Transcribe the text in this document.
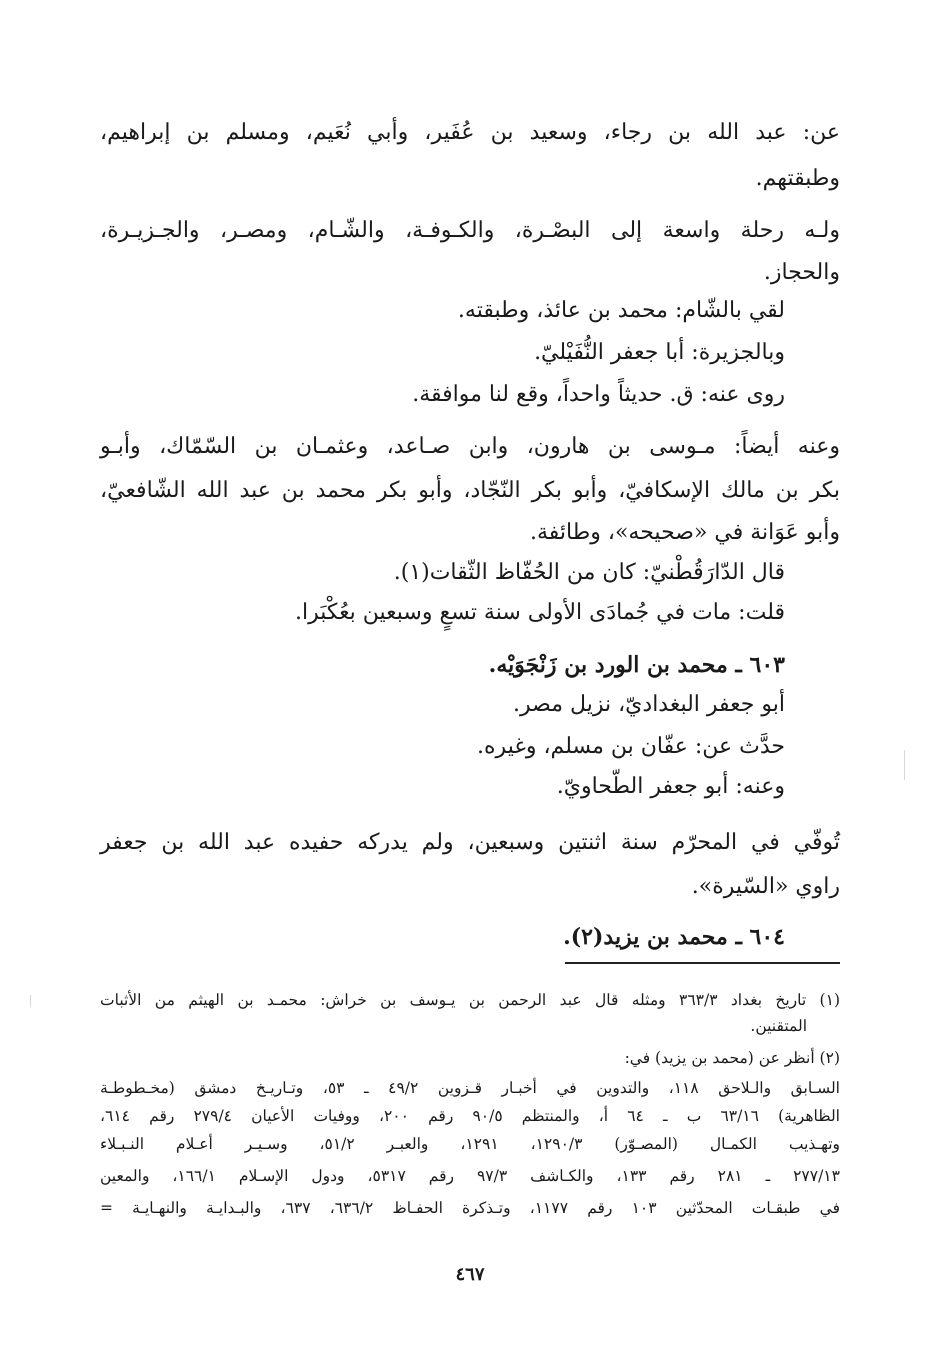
عن: عبد الله بن رجاء، وسعيد بن عُفَير، وأبي نُعَيم، ومسلم بن إبراهيم،
وطبقتهم.
ولـه رحلة واسعة إلى البصْـرة، والكـوفـة، والشّـام، ومصـر، والجـزيـرة،
والحجاز.
لقي بالشّام: محمد بن عائذ، وطبقته.
وبالجزيرة: أبا جعفر النُّفَيْليّ.
روى عنه: ق. حديثاً واحداً، وقع لنا موافقة.
وعنه أيضاً: مـوسى بن هارون، وابن صـاعد، وعثمـان بن السّمّاك، وأبـو
بكر بن مالك الإسكافيّ، وأبو بكر النّجّاد، وأبو بكر محمد بن عبد الله الشّافعيّ،
وأبو عَوَانة في «صحيحه»، وطائفة.
قال الدّارَقُطْنيّ: كان من الحُفّاظ الثّقات(١).
قلت: مات في جُمادَى الأولى سنة تسعٍ وسبعين بعُكْبَرا.
٦٠٣ ـ محمد بن الورد بن زَنْجَوَيْه.
أبو جعفر البغداديّ، نزيل مصر.
حدَّث عن: عفّان بن مسلم، وغيره.
وعنه: أبو جعفر الطّحاويّ.
تُوفّي في المحرّم سنة اثنتين وسبعين، ولم يدركه حفيده عبد الله بن جعفر
راوي «السّيرة».
٦٠٤ ـ محمد بن يزيد(٢).
(١) تاريخ بغداد ٣٦٣/٣ ومثله قال عبد الرحمن بن يـوسف بن خراش: محمـد بن الهيثم من الأثبات
المتقنين.
(٢) أنظر عن (محمد بن يزيد) في:
السـابق والـلاحق ١١٨، والتدوين في أخبـار قـزوين ٤٩/٢ ـ ٥٣، وتـاريـخ دمشق (مخـطوطـة
الظاهرية) ٦٣/١٦ ب ـ ٦٤ أ، والمنتظم ٩٠/٥ رقم ٢٠٠، ووفيات الأعيان ٢٧٩/٤ رقم ٦١٤،
وتهـذيب الكمـال (المصـوّر) ١٢٩٠/٣، ١٢٩١، والعبـر ٥١/٢، وسـيـر أعـلام النـبـلاء
٢٧٧/١٣ ـ ٢٨١ رقم ١٣٣، والكـاشف ٩٧/٣ رقم ٥٣١٧، ودول الإسـلام ١٦٦/١، والمعين
في طبقـات المحدّثين ١٠٣ رقم ١١٧٧، وتـذكرة الحفـاظ ٦٣٦/٢، ٦٣٧، والبـدايـة والنهـايـة =
٤٦٧
